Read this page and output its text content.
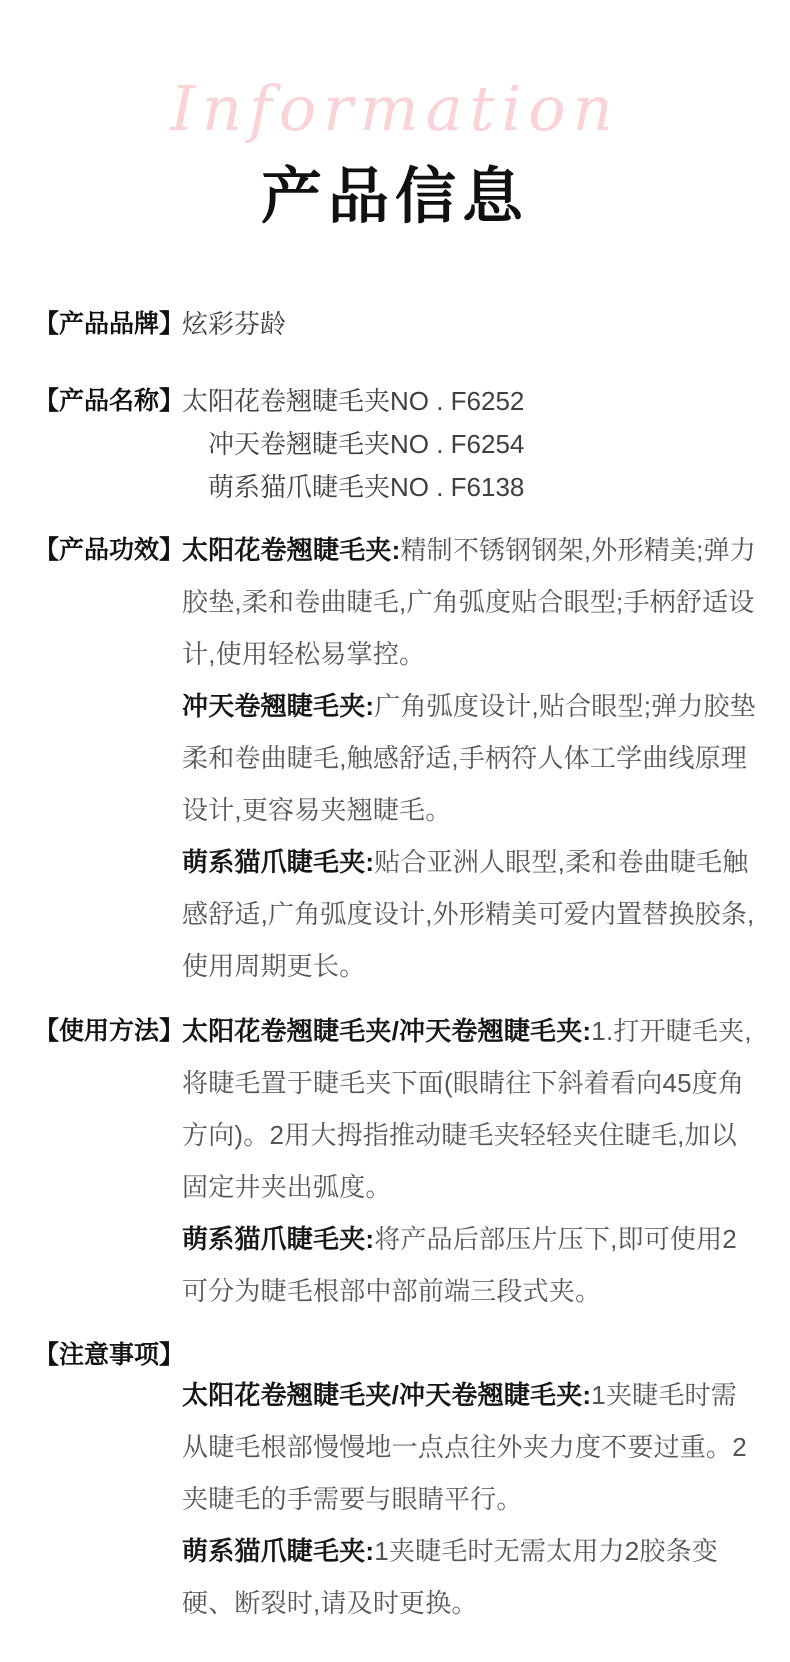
Information
产品信息
【产品品牌】
炫彩芬龄
【产品名称】
太阳花卷翘睫毛夹NO . F6252
冲天卷翘睫毛夹NO . F6254
萌系猫爪睫毛夹NO . F6138
【产品功效】

太阳花卷翘睫毛夹:精制不锈钢钢架,外形精美;弹力胶垫,柔和卷曲睫毛,广角弧度贴合眼型;手柄舒适设计,使用轻松易掌控。

冲天卷翘睫毛夹:广角弧度设计,贴合眼型;弹力胶垫柔和卷曲睫毛,触感舒适,手柄符人体工学曲线原理设计,更容易夹翘睫毛。

萌系猫爪睫毛夹:贴合亚洲人眼型,柔和卷曲睫毛触感舒适,广角弧度设计,外形精美可爱内置替换胶条,使用周期更长。

【使用方法】

太阳花卷翘睫毛夹/冲天卷翘睫毛夹:1.打开睫毛夹,将睫毛置于睫毛夹下面(眼睛往下斜着看向45度角方向)。2用大拇指推动睫毛夹轻轻夹住睫毛,加以固定井夹出弧度。

萌系猫爪睫毛夹:将产品后部压片压下,即可使用2可分为睫毛根部中部前端三段式夹。

【注意事项】

太阳花卷翘睫毛夹/冲天卷翘睫毛夹:1夹睫毛时需从睫毛根部慢慢地一点点往外夹力度不要过重。2夹睫毛的手需要与眼睛平行。

萌系猫爪睫毛夹:1夹睫毛时无需太用力2胶条变硬、断裂时,请及时更换。
